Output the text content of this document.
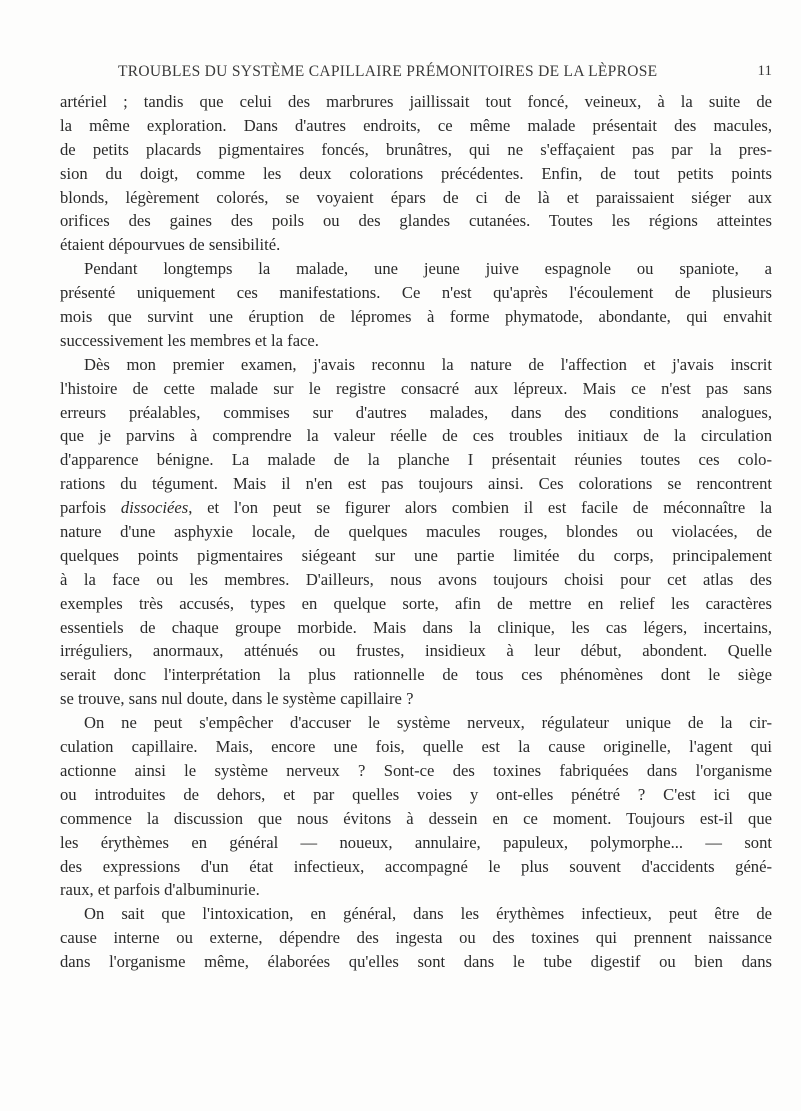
TROUBLES DU SYSTÈME CAPILLAIRE PRÉMONITOIRES DE LA LÈPROSE	11
artériel ; tandis que celui des marbrures jaillissait tout foncé, veineux, à la suite de
la même exploration. Dans d'autres endroits, ce même malade présentait des macules,
de petits placards pigmentaires foncés, brunâtres, qui ne s'effaçaient pas par la pres-
sion du doigt, comme les deux colorations précédentes. Enfin, de tout petits points
blonds, légèrement colorés, se voyaient épars de ci de là et paraissaient siéger aux
orifices des gaines des poils ou des glandes cutanées. Toutes les régions atteintes
étaient dépourvues de sensibilité.
Pendant longtemps la malade, une jeune juive espagnole ou spaniote, a
présenté uniquement ces manifestations. Ce n'est qu'après l'écoulement de plusieurs
mois que survint une éruption de lépromes à forme phymatode, abondante, qui envahit
successivement les membres et la face.
Dès mon premier examen, j'avais reconnu la nature de l'affection et j'avais inscrit
l'histoire de cette malade sur le registre consacré aux lépreux. Mais ce n'est pas sans
erreurs préalables, commises sur d'autres malades, dans des conditions analogues,
que je parvins à comprendre la valeur réelle de ces troubles initiaux de la circulation
d'apparence bénigne. La malade de la planche I présentait réunies toutes ces colo-
rations du tégument. Mais il n'en est pas toujours ainsi. Ces colorations se rencontrent
parfois dissociées, et l'on peut se figurer alors combien il est facile de méconnaître la
nature d'une asphyxie locale, de quelques macules rouges, blondes ou violacées, de
quelques points pigmentaires siégeant sur une partie limitée du corps, principalement
à la face ou les membres. D'ailleurs, nous avons toujours choisi pour cet atlas des
exemples très accusés, types en quelque sorte, afin de mettre en relief les caractères
essentiels de chaque groupe morbide. Mais dans la clinique, les cas légers, incertains,
irréguliers, anormaux, atténués ou frustes, insidieux à leur début, abondent. Quelle
serait donc l'interprétation la plus rationnelle de tous ces phénomènes dont le siège
se trouve, sans nul doute, dans le système capillaire ?
On ne peut s'empêcher d'accuser le système nerveux, régulateur unique de la cir-
culation capillaire. Mais, encore une fois, quelle est la cause originelle, l'agent qui
actionne ainsi le système nerveux ? Sont-ce des toxines fabriquées dans l'organisme
ou introduites de dehors, et par quelles voies y ont-elles pénétré ? C'est ici que
commence la discussion que nous évitons à dessein en ce moment. Toujours est-il que
les érythèmes en général — noueux, annulaire, papuleux, polymorphe... — sont
des expressions d'un état infectieux, accompagné le plus souvent d'accidents géné-
raux, et parfois d'albuminurie.
On sait que l'intoxication, en général, dans les érythèmes infectieux, peut être de
cause interne ou externe, dépendre des ingesta ou des toxines qui prennent naissance
dans l'organisme même, élaborées qu'elles sont dans le tube digestif ou bien dans
